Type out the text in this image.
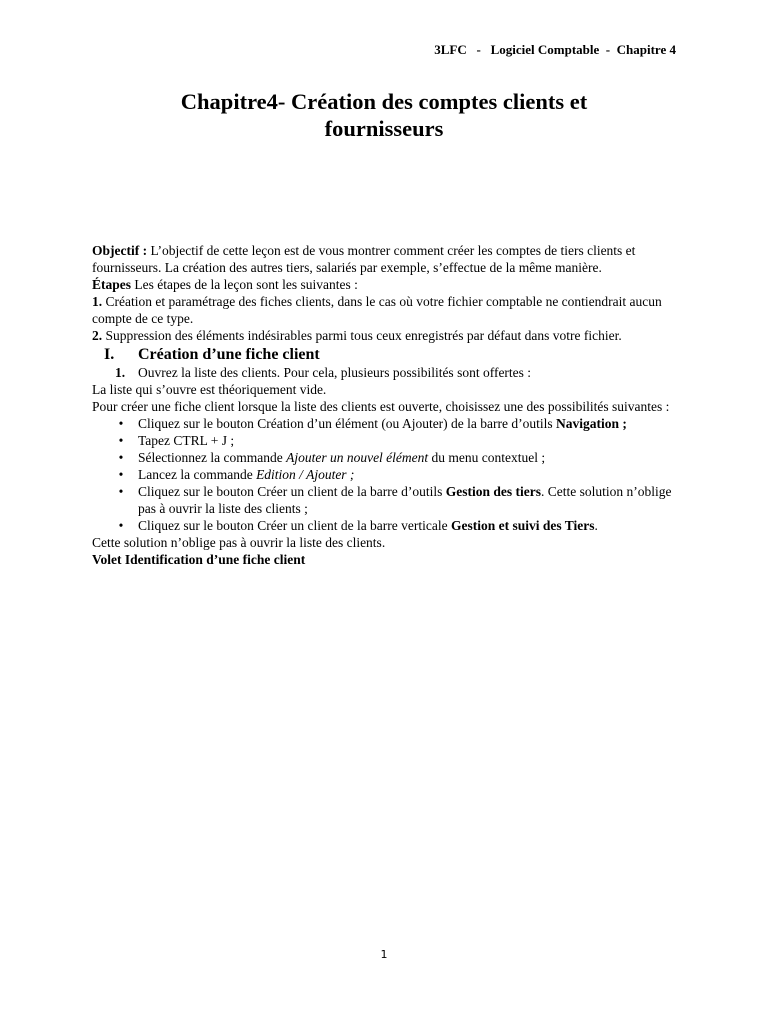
3LFC - Logiciel Comptable - Chapitre 4
Chapitre4- Création des comptes clients et
fournisseurs

Objectif : L’objectif de cette leçon est de vous montrer comment créer les comptes de tiers clients et fournisseurs. La création des autres tiers, salariés par exemple, s’effectue de la même manière.

Étapes Les étapes de la leçon sont les suivantes :

1. Création et paramétrage des fiches clients, dans le cas où votre fichier comptable ne contiendrait aucun compte de ce type.

2. Suppression des éléments indésirables parmi tous ceux enregistrés par défaut dans votre fichier.

I.	Création d’une fiche client

1. Ouvrez la liste des clients. Pour cela, plusieurs possibilités sont offertes :

La liste qui s’ouvre est théoriquement vide.

Pour créer une fiche client lorsque la liste des clients est ouverte, choisissez une des possibilités suivantes :

• Cliquez sur le bouton Création d’un élément (ou Ajouter) de la barre d’outils Navigation ;
• Tapez CTRL + J ;
• Sélectionnez la commande Ajouter un nouvel élément du menu contextuel ;
• Lancez la commande Edition / Ajouter ;
• Cliquez sur le bouton Créer un client de la barre d’outils Gestion des tiers. Cette solution n’oblige pas à ouvrir la liste des clients ;
• Cliquez sur le bouton Créer un client de la barre verticale Gestion et suivi des Tiers.

Cette solution n’oblige pas à ouvrir la liste des clients.

Volet Identification d’une fiche client

1
